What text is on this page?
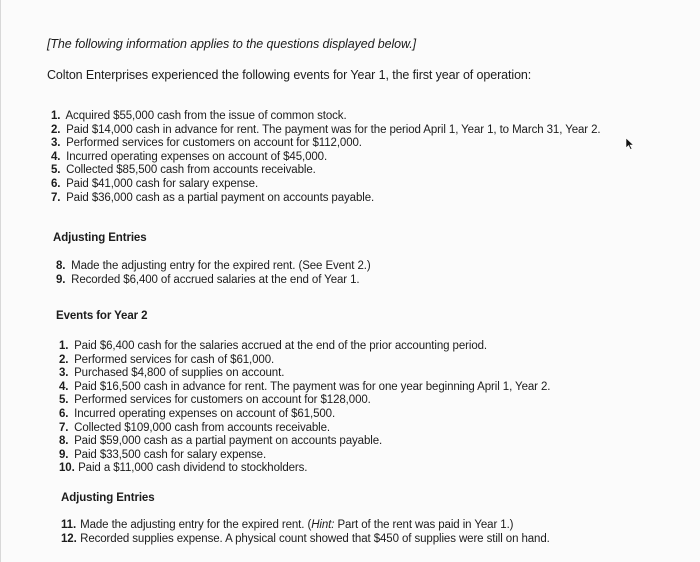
[The following information applies to the questions displayed below.]
Colton Enterprises experienced the following events for Year 1, the first year of operation:
1. Acquired $55,000 cash from the issue of common stock.
2. Paid $14,000 cash in advance for rent. The payment was for the period April 1, Year 1, to March 31, Year 2.
3. Performed services for customers on account for $112,000.
4. Incurred operating expenses on account of $45,000.
5. Collected $85,500 cash from accounts receivable.
6. Paid $41,000 cash for salary expense.
7. Paid $36,000 cash as a partial payment on accounts payable.
Adjusting Entries
8. Made the adjusting entry for the expired rent. (See Event 2.)
9. Recorded $6,400 of accrued salaries at the end of Year 1.
Events for Year 2
1. Paid $6,400 cash for the salaries accrued at the end of the prior accounting period.
2. Performed services for cash of $61,000.
3. Purchased $4,800 of supplies on account.
4. Paid $16,500 cash in advance for rent. The payment was for one year beginning April 1, Year 2.
5. Performed services for customers on account for $128,000.
6. Incurred operating expenses on account of $61,500.
7. Collected $109,000 cash from accounts receivable.
8. Paid $59,000 cash as a partial payment on accounts payable.
9. Paid $33,500 cash for salary expense.
10. Paid a $11,000 cash dividend to stockholders.
Adjusting Entries
11. Made the adjusting entry for the expired rent. (Hint: Part of the rent was paid in Year 1.)
12. Recorded supplies expense. A physical count showed that $450 of supplies were still on hand.
